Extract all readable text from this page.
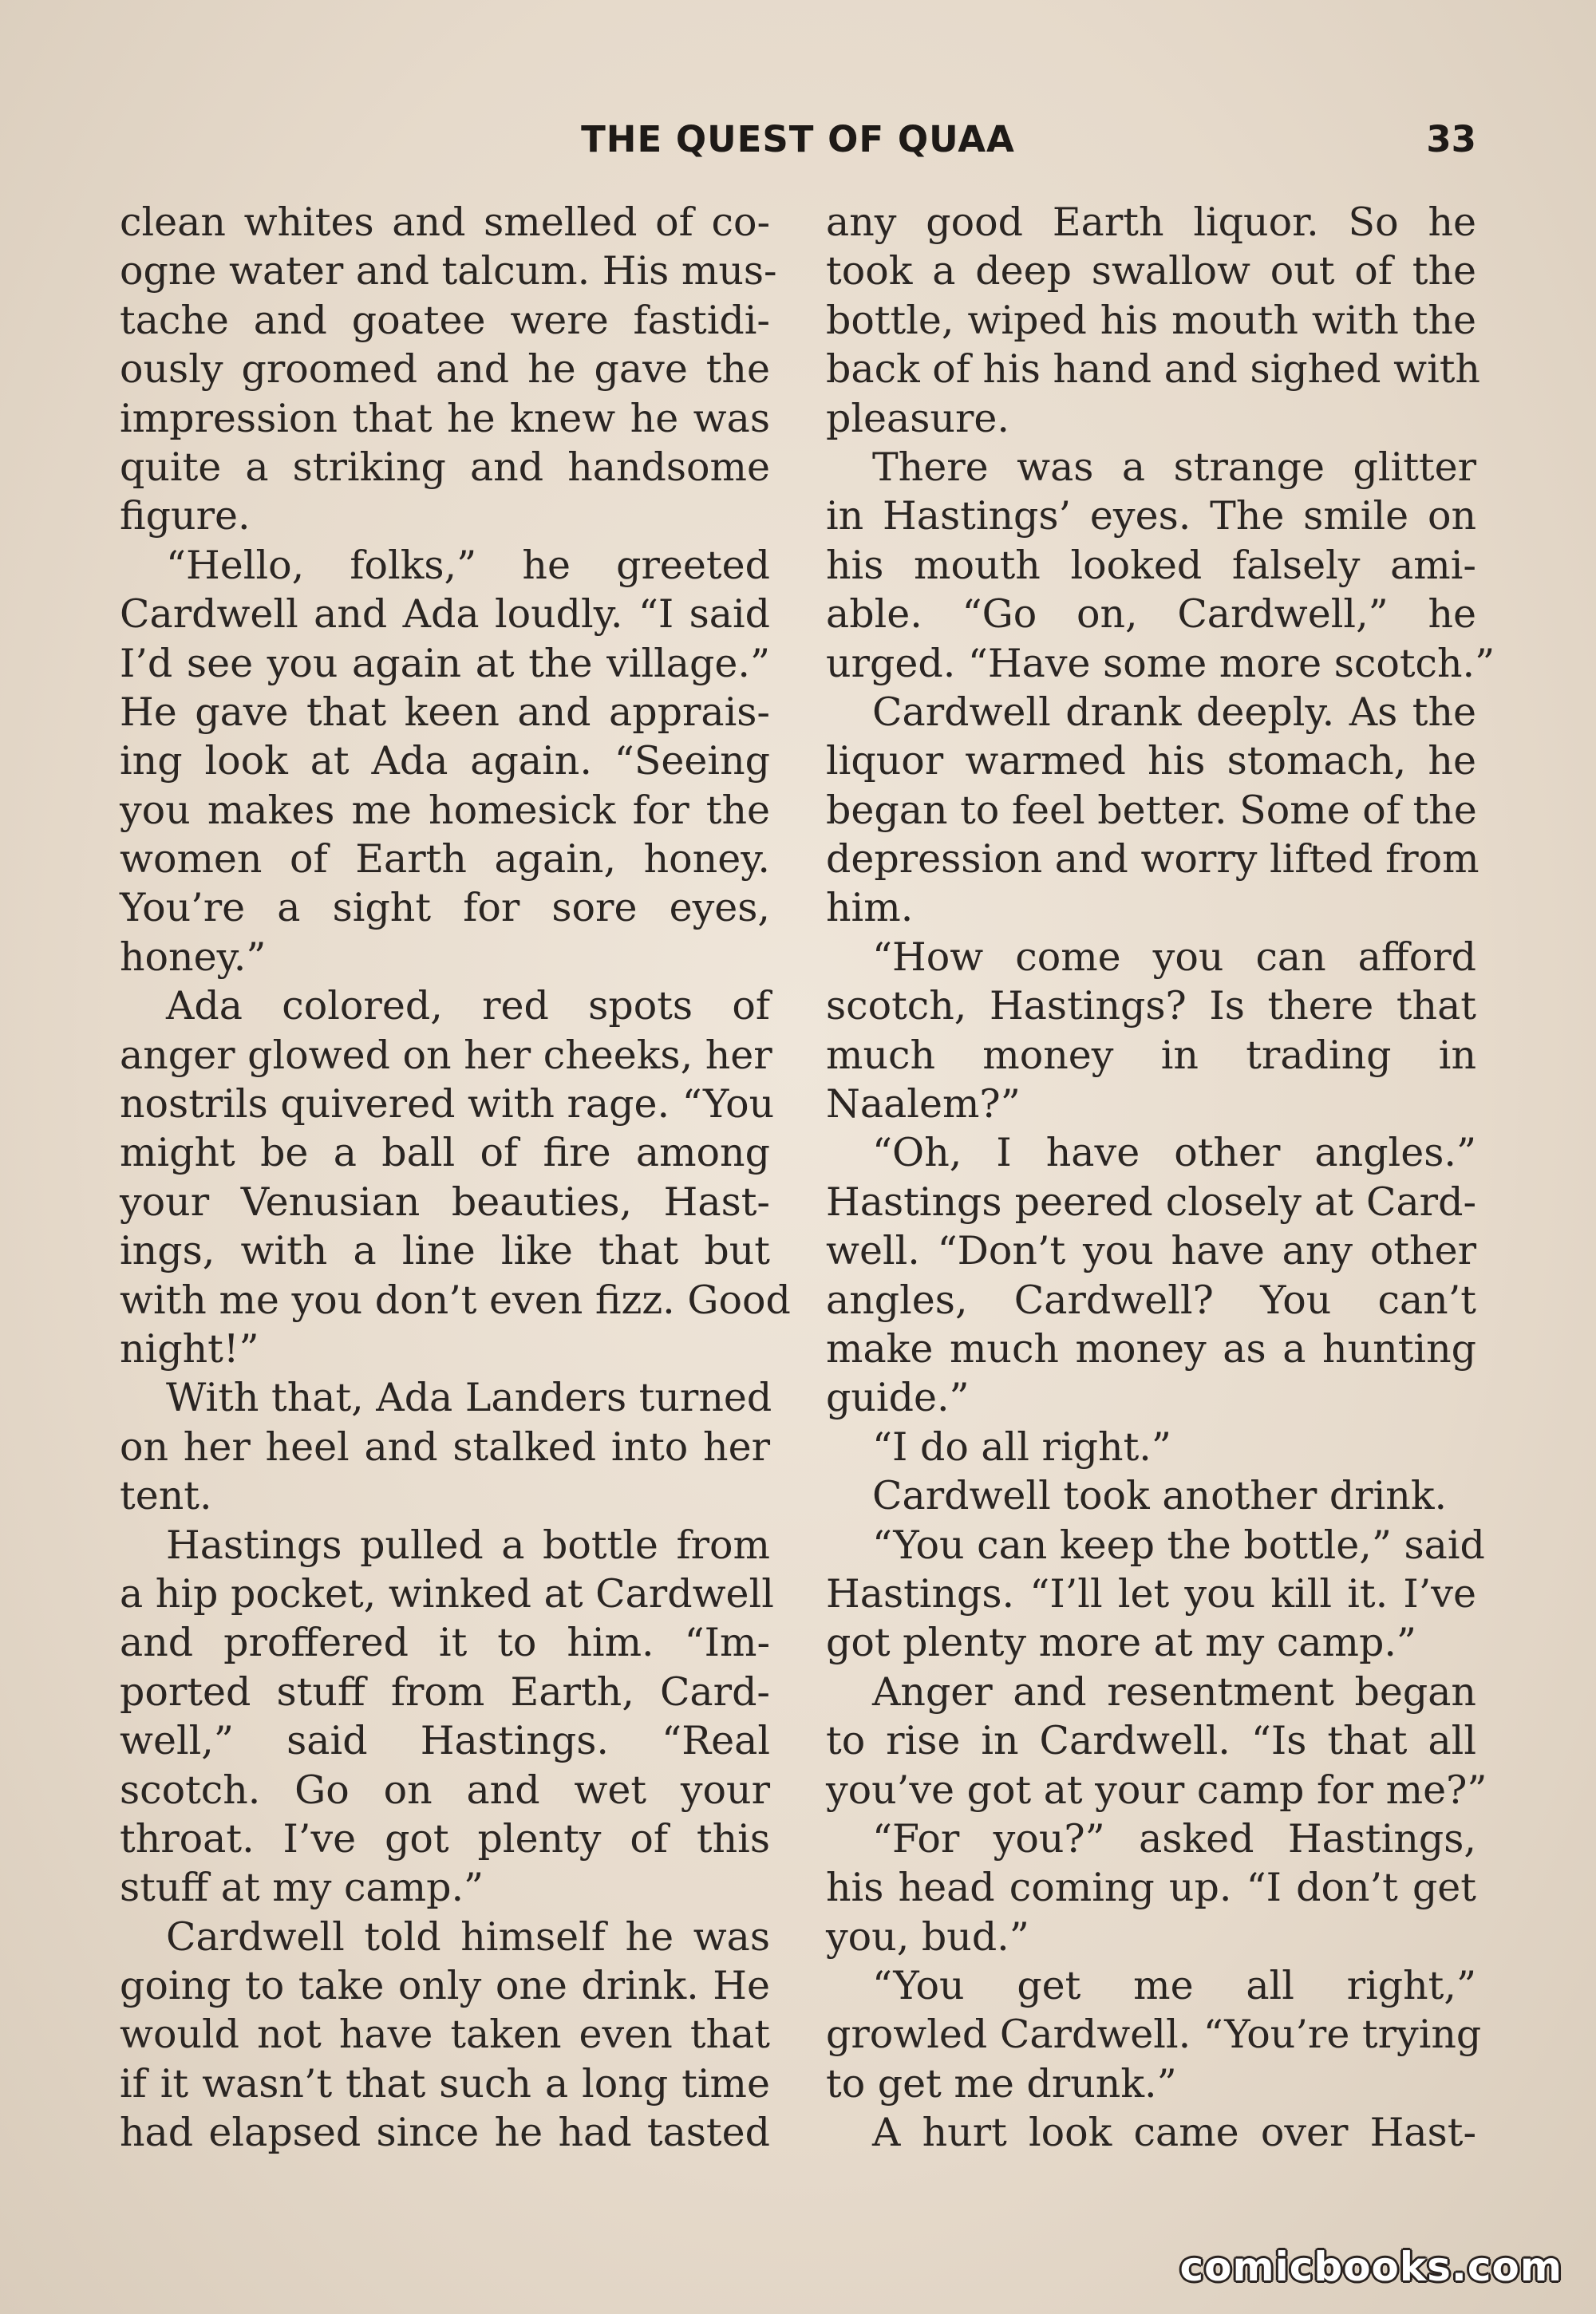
THE QUEST OF QUAA	33
clean whites and smelled of co-
ogne water and talcum. His mus-
tache and goatee were fastidi-
ously groomed and he gave the
impression that he knew he was
quite a striking and handsome
figure.
“Hello, folks,” he greeted
Cardwell and Ada loudly. “I said
I’d see you again at the village.”
He gave that keen and apprais-
ing look at Ada again. “Seeing
you makes me homesick for the
women of Earth again, honey.
You’re a sight for sore eyes,
honey.”
Ada colored, red spots of
anger glowed on her cheeks, her
nostrils quivered with rage. “You
might be a ball of fire among
your Venusian beauties, Hast-
ings, with a line like that but
with me you don’t even fizz. Good
night!”
With that, Ada Landers turned
on her heel and stalked into her
tent.
Hastings pulled a bottle from
a hip pocket, winked at Cardwell
and proffered it to him. “Im-
ported stuff from Earth, Card-
well,” said Hastings. “Real
scotch. Go on and wet your
throat. I’ve got plenty of this
stuff at my camp.”
Cardwell told himself he was
going to take only one drink. He
would not have taken even that
if it wasn’t that such a long time
had elapsed since he had tasted
any good Earth liquor. So he
took a deep swallow out of the
bottle, wiped his mouth with the
back of his hand and sighed with
pleasure.
There was a strange glitter
in Hastings’ eyes. The smile on
his mouth looked falsely ami-
able. “Go on, Cardwell,” he
urged. “Have some more scotch.”
Cardwell drank deeply. As the
liquor warmed his stomach, he
began to feel better. Some of the
depression and worry lifted from
him.
“How come you can afford
scotch, Hastings? Is there that
much money in trading in
Naalem?”
“Oh, I have other angles.”
Hastings peered closely at Card-
well. “Don’t you have any other
angles, Cardwell? You can’t
make much money as a hunting
guide.”
“I do all right.”
Cardwell took another drink.
“You can keep the bottle,” said
Hastings. “I’ll let you kill it. I’ve
got plenty more at my camp.”
Anger and resentment began
to rise in Cardwell. “Is that all
you’ve got at your camp for me?”
“For you?” asked Hastings,
his head coming up. “I don’t get
you, bud.”
“You get me all right,”
growled Cardwell. “You’re trying
to get me drunk.”
A hurt look came over Hast-
comicbooks.com
